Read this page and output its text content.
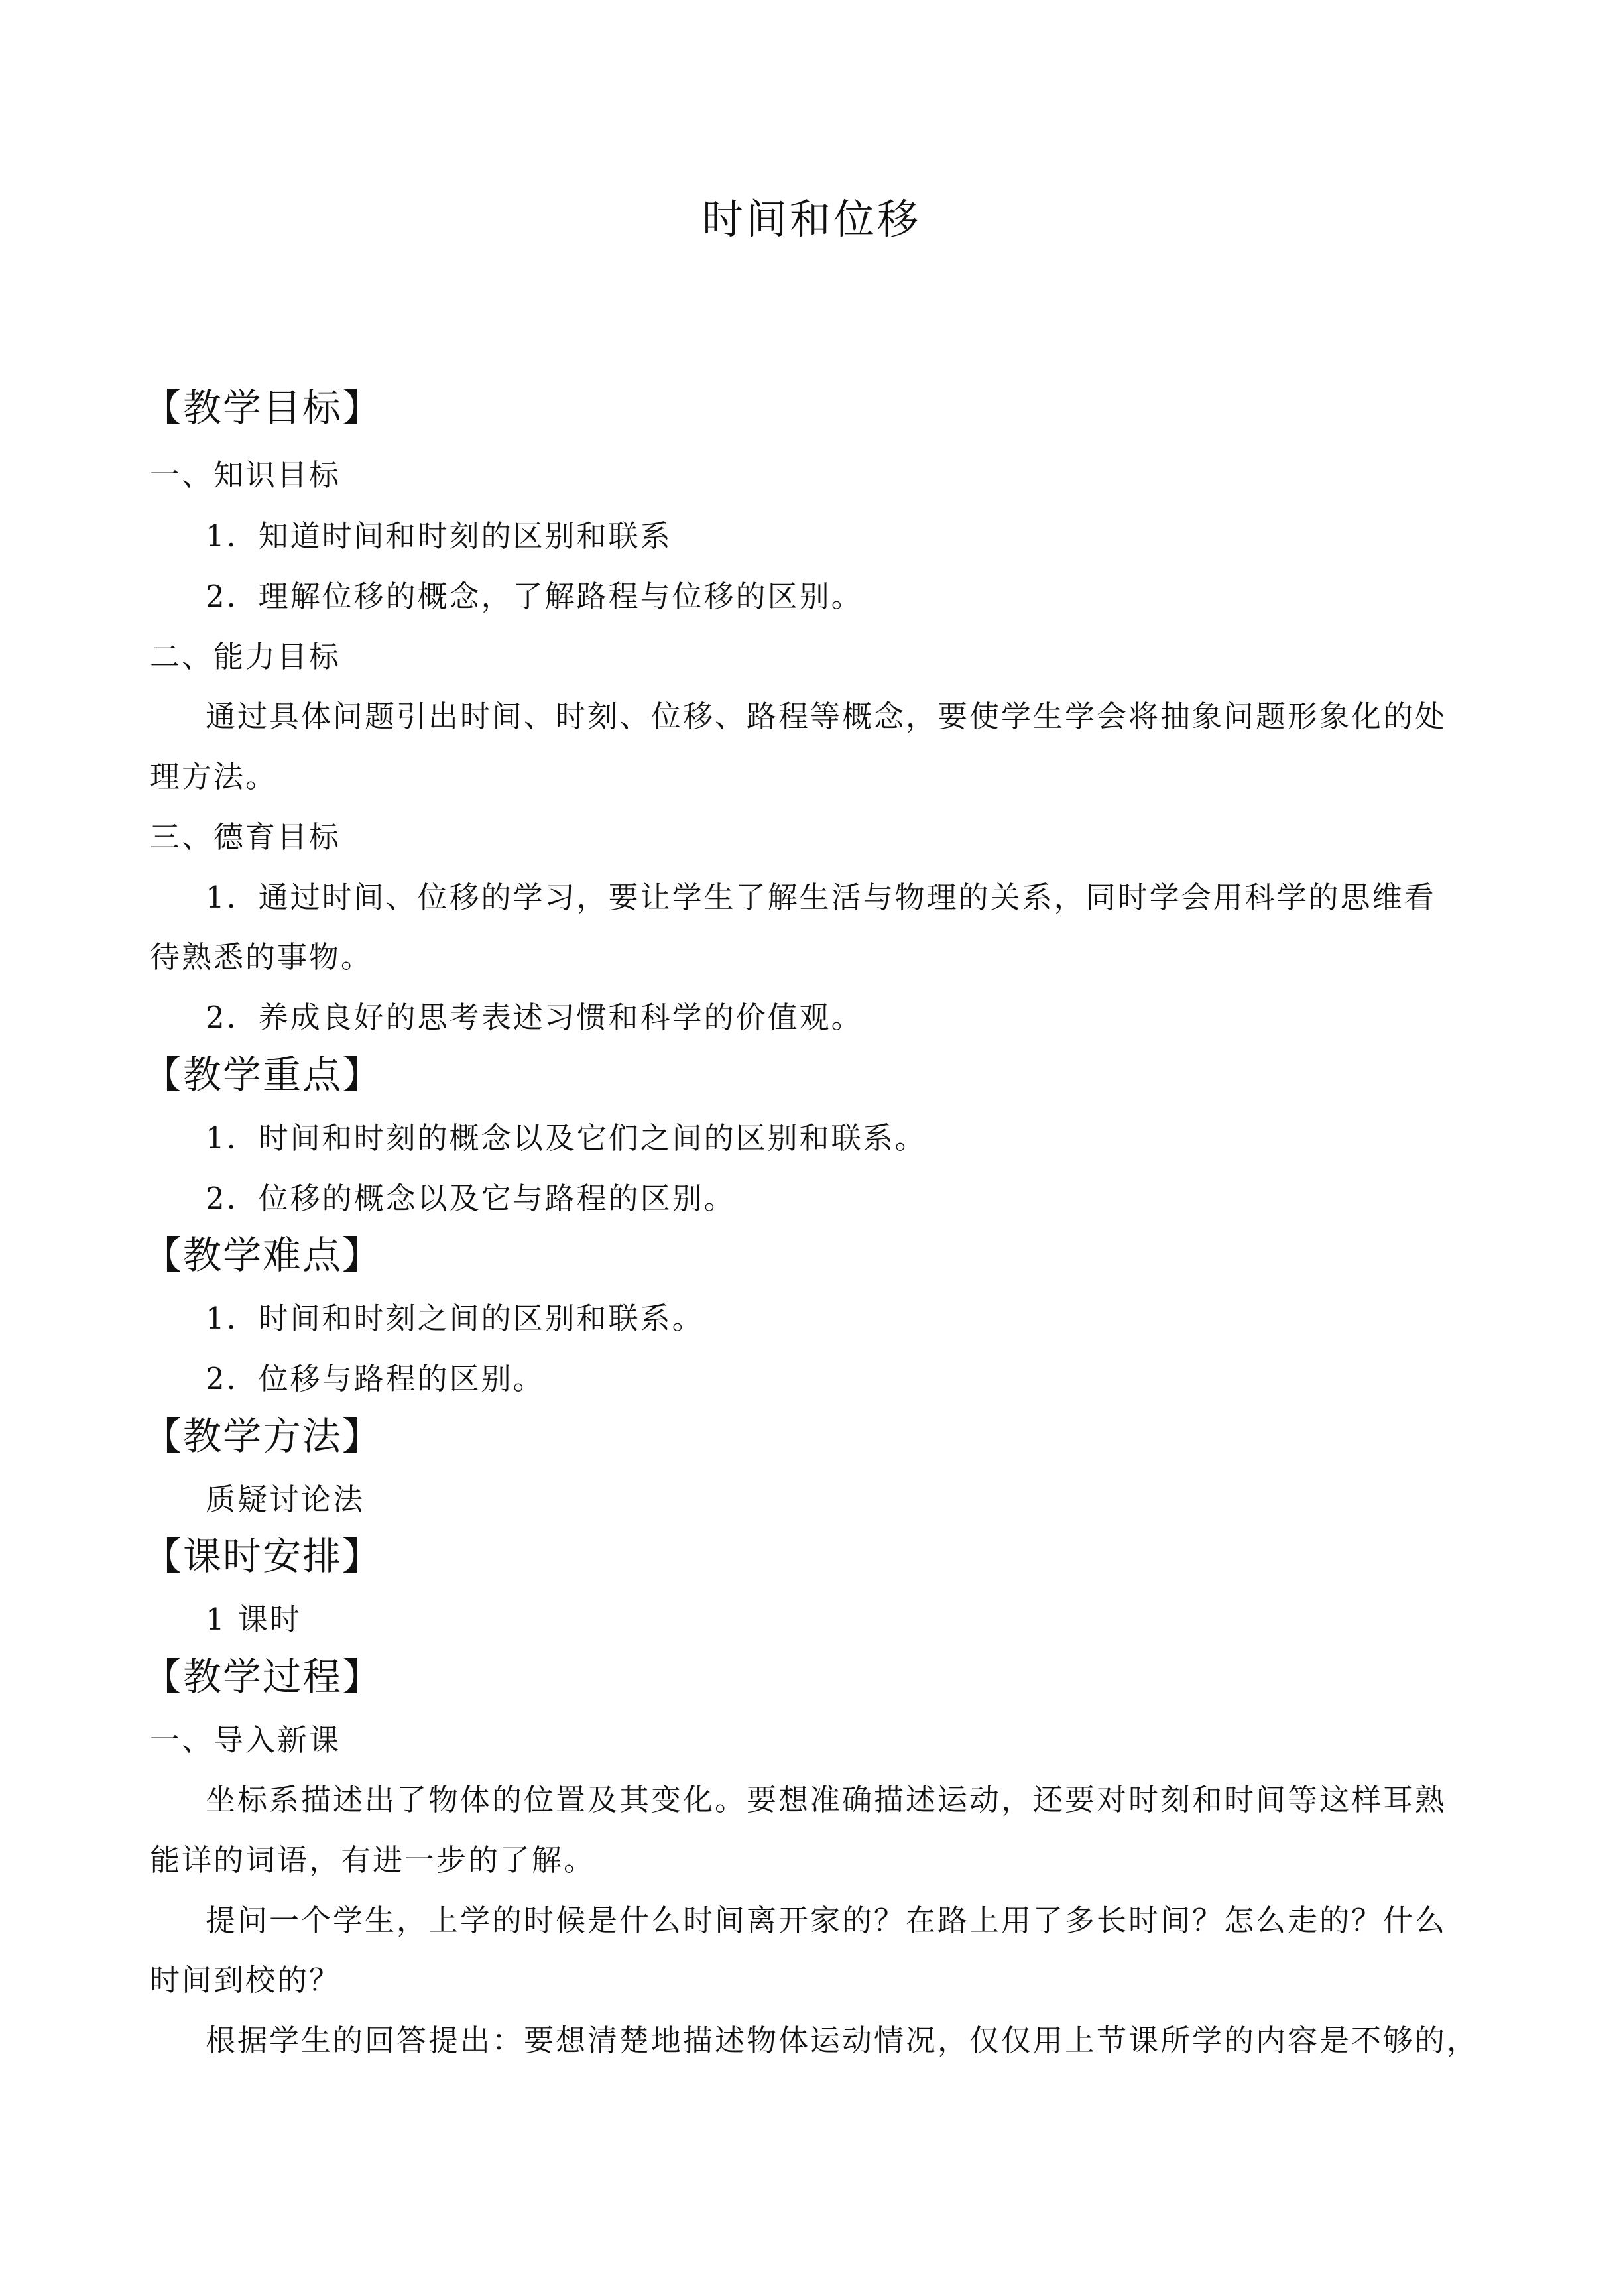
时间和位移
【教学目标】
一、知识目标
1．知道时间和时刻的区别和联系
2．理解位移的概念，了解路程与位移的区别。
二、能力目标
通过具体问题引出时间、时刻、位移、路程等概念，要使学生学会将抽象问题形象化的处
理方法。
三、德育目标
1．通过时间、位移的学习，要让学生了解生活与物理的关系，同时学会用科学的思维看
待熟悉的事物。
2．养成良好的思考表述习惯和科学的价值观。
【教学重点】
1．时间和时刻的概念以及它们之间的区别和联系。
2．位移的概念以及它与路程的区别。
【教学难点】
1．时间和时刻之间的区别和联系。
2．位移与路程的区别。
【教学方法】
质疑讨论法
【课时安排】
1 课时
【教学过程】
一、导入新课
坐标系描述出了物体的位置及其变化。要想准确描述运动，还要对时刻和时间等这样耳熟
能详的词语，有进一步的了解。
提问一个学生，上学的时候是什么时间离开家的？在路上用了多长时间？怎么走的？什么
时间到校的？
根据学生的回答提出：要想清楚地描述物体运动情况，仅仅用上节课所学的内容是不够的，
